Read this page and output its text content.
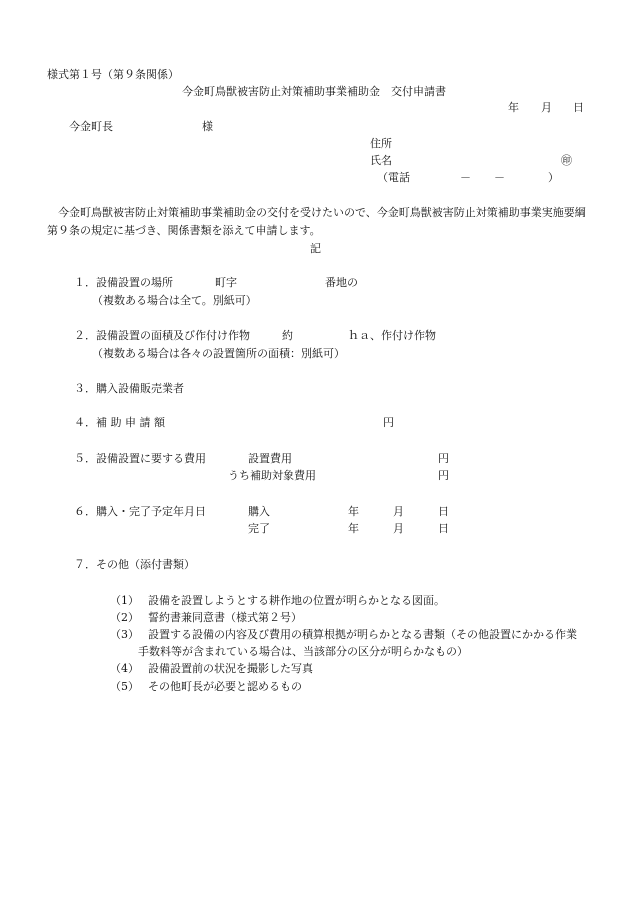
様式第１号（第９条関係）
今金町鳥獣被害防止対策補助事業補助金　交付申請書
年 月 日
今金町長	様
住所
氏名	㊞
（電話	－ －	）
今金町鳥獣被害防止対策補助事業補助金の交付を受けたいので、今金町鳥獣被害防止対策補助事業実施要綱第９条の規定に基づき、関係書類を添えて申請します。
記
１．設備設置の場所	町字	番地の
（複数ある場合は全て。別紙可）
２．設備設置の面積及び作付け作物	約	ｈａ、作付け作物
（複数ある場合は各々の設置箇所の面積：別紙可）
３．購入設備販売業者
４．補 助 申 請 額	円
５．設備設置に要する費用	設置費用	円
うち補助対象費用	円
６．購入・完了予定年月日	購入	年	月	日
完了	年	月	日
７．その他（添付書類）
（1） 設備を設置しようとする耕作地の位置が明らかとなる図面。
（2） 誓約書兼同意書（様式第２号）
（3） 設置する設備の内容及び費用の積算根拠が明らかとなる書類（その他設置にかかる作業
手数料等が含まれている場合は、当該部分の区分が明らかなもの）
（4） 設備設置前の状況を撮影した写真
（5） その他町長が必要と認めるもの
